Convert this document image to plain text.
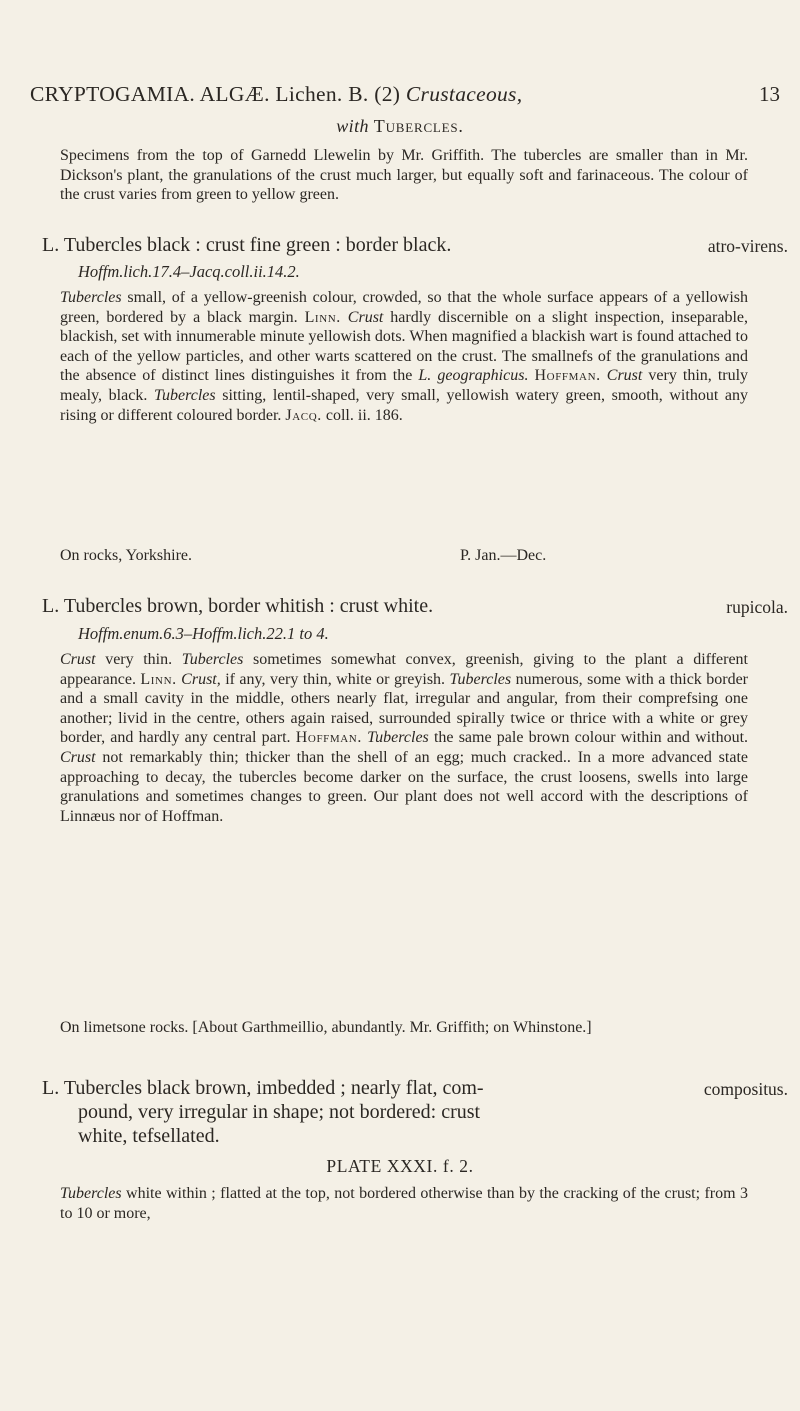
CRYPTOGAMIA. ALGÆ. Lichen. B. (2) Crustaceous,	13
with Tubercles.

Specimens from the top of Garnedd Llewelin by Mr. Griffith. The tubercles are smaller than in Mr. Dickson's plant, the granulations of the crust much larger, but equally soft and farinaceous. The colour of the crust varies from green to yellow green.

L. Tubercles black : crust fine green : border black.	atro-virens.
Hoffm.lich.17.4–Jacq.coll.ii.14.2.

Tubercles small, of a yellow-greenish colour, crowded, so that the whole surface appears of a yellowish green, bordered by a black margin. Linn. Crust hardly discernible on a slight inspection, inseparable, blackish, set with innumerable minute yellowish dots. When magnified a blackish wart is found attached to each of the yellow particles, and other warts scattered on the crust. The smallnefs of the granulations and the absence of distinct lines distinguishes it from the L. geographicus. Hoffman. Crust very thin, truly mealy, black. Tubercles sitting, lentil-shaped, very small, yellowish watery green, smooth, without any rising or different coloured border. Jacq. coll. ii. 186.

On rocks, Yorkshire.	P. Jan.—Dec.
L. Tubercles brown, border whitish : crust white.	rupicola.
Hoffm.enum.6.3–Hoffm.lich.22.1 to 4.

Crust very thin. Tubercles sometimes somewhat convex, greenish, giving to the plant a different appearance. Linn. Crust, if any, very thin, white or greyish. Tubercles numerous, some with a thick border and a small cavity in the middle, others nearly flat, irregular and angular, from their comprefsing one another; livid in the centre, others again raised, surrounded spirally twice or thrice with a white or grey border, and hardly any central part. Hoffman. Tubercles the same pale brown colour within and without. Crust not remarkably thin; thicker than the shell of an egg; much cracked.. In a more advanced state approaching to decay, the tubercles become darker on the surface, the crust loosens, swells into large granulations and sometimes changes to green. Our plant does not well accord with the descriptions of Linnæus nor of Hoffman.

On limetsone rocks. [About Garthmeillio, abundantly. Mr. Griffith; on Whinstone.]

L. Tubercles black brown, imbedded ; nearly flat, com-	compositus.
pound, very irregular in shape; not bordered: crust
white, tefsellated.
PLATE XXXI. f. 2.

Tubercles white within ; flatted at the top, not bordered otherwise than by the cracking of the crust; from 3 to 10 or more,
